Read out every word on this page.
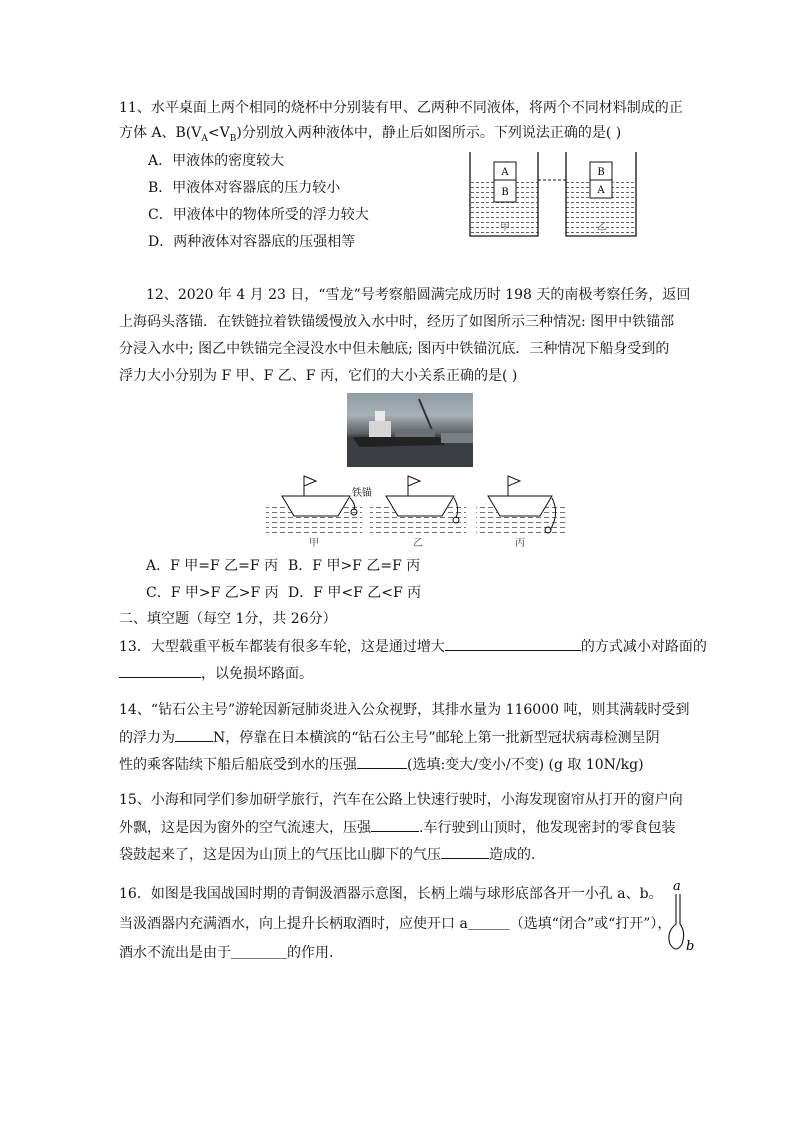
11、水平桌面上两个相同的烧杯中分别装有甲、乙两种不同液体，将两个不同材料制成的正
方体 A、$B(V_A<V_B)$分别放入两种液体中，静止后如图所示。下列说法正确的是( )
A．甲液体的密度较大
B．甲液体对容器底的压力较小
C．甲液体中的物体所受的浮力较大
D．两种液体对容器底的压强相等
A
B
甲
B
A
乙
12、2020 年 4 月 23 日，“雪龙”号考察船圆满完成历时 198 天的南极考察任务，返回
上海码头落锚．在铁链拉着铁锚缓慢放入水中时，经历了如图所示三种情况: 图甲中铁锚部
分浸入水中; 图乙中铁锚完全浸没水中但未触底; 图丙中铁锚沉底．三种情况下船身受到的
浮力大小分别为 F 甲、F 乙、F 丙，它们的大小关系正确的是( )
铁锚
甲	乙	丙
A．F 甲=F 乙=F 丙 B．F 甲>F 乙=F 丙
C．F 甲>F 乙>F 丙 D．F 甲<F 乙<F 丙
二、填空题（每空 1分，共 26分）
13．大型载重平板车都装有很多车轮，这是通过增大	的方式减小对路面的
，以免损坏路面。
14、“钻石公主号”游轮因新冠肺炎进入公众视野，其排水量为 116000 吨，则其满载时受到
的浮力为	N，停靠在日本横滨的“钻石公主号”邮轮上第一批新型冠状病毒检测呈阴
性的乘客陆续下船后船底受到水的压强	(选填:变大/变小/不变) (g 取 10N/kg)
15、小海和同学们参加研学旅行，汽车在公路上快速行驶时，小海发现窗帘从打开的窗户向
外飘，这是因为窗外的空气流速大，压强	.车行驶到山顶时，他发现密封的零食包装
袋鼓起来了，这是因为山顶上的气压比山脚下的气压	造成的.
16．如图是我国战国时期的青铜汲酒器示意图，长柄上端与球形底部各开一小孔 a、b。
当汲酒器内充满酒水，向上提升长柄取酒时，应使开口 a＿＿＿（选填“闭合”或“打开”），
酒水不流出是由于＿＿＿＿的作用.
a
b
